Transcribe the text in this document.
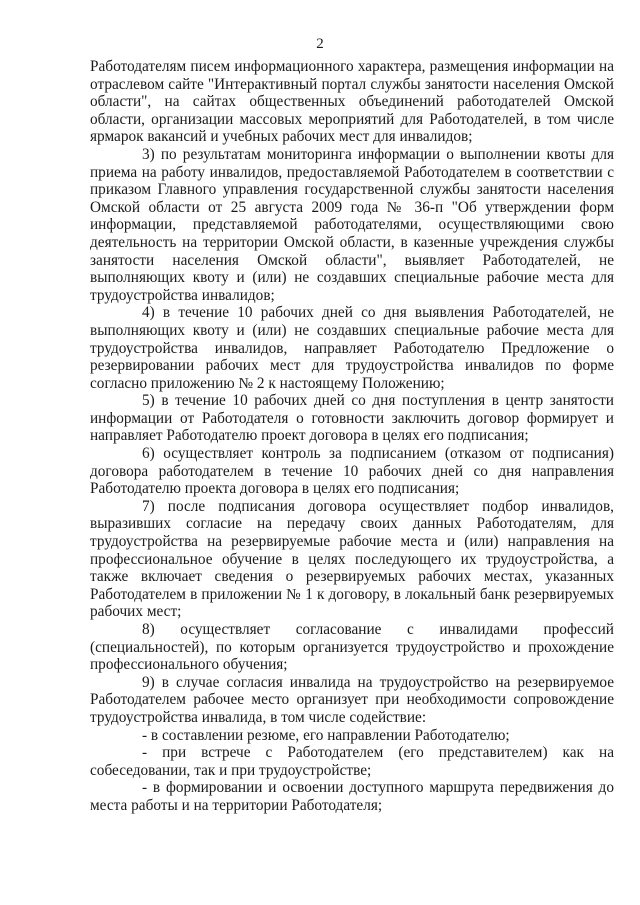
2

Работодателям писем информационного характера, размещения информации на отраслевом сайте "Интерактивный портал службы занятости населения Омской области", на сайтах общественных объединений работодателей Омской области, организации массовых мероприятий для Работодателей, в том числе ярмарок вакансий и учебных рабочих мест для инвалидов;

3) по результатам мониторинга информации о выполнении квоты для приема на работу инвалидов, предоставляемой Работодателем в соответствии с приказом Главного управления государственной службы занятости населения Омской области от 25 августа 2009 года № 36-п "Об утверждении форм информации, представляемой работодателями, осуществляющими свою деятельность на территории Омской области, в казенные учреждения службы занятости населения Омской области", выявляет Работодателей, не выполняющих квоту и (или) не создавших специальные рабочие места для трудоустройства инвалидов;

4) в течение 10 рабочих дней со дня выявления Работодателей, не выполняющих квоту и (или) не создавших специальные рабочие места для трудоустройства инвалидов, направляет Работодателю Предложение о резервировании рабочих мест для трудоустройства инвалидов по форме согласно приложению № 2 к настоящему Положению;

5) в течение 10 рабочих дней со дня поступления в центр занятости информации от Работодателя о готовности заключить договор формирует и направляет Работодателю проект договора в целях его подписания;

6) осуществляет контроль за подписанием (отказом от подписания) договора работодателем в течение 10 рабочих дней со дня направления Работодателю проекта договора в целях его подписания;

7) после подписания договора осуществляет подбор инвалидов, выразивших согласие на передачу своих данных Работодателям, для трудоустройства на резервируемые рабочие места и (или) направления на профессиональное обучение в целях последующего их трудоустройства, а также включает сведения о резервируемых рабочих местах, указанных Работодателем в приложении № 1 к договору, в локальный банк резервируемых рабочих мест;

8) осуществляет согласование с инвалидами профессий (специальностей), по которым организуется трудоустройство и прохождение профессионального обучения;

9) в случае согласия инвалида на трудоустройство на резервируемое Работодателем рабочее место организует при необходимости сопровождение трудоустройства инвалида, в том числе содействие:

- в составлении резюме, его направлении Работодателю;

- при встрече с Работодателем (его представителем) как на собеседовании, так и при трудоустройстве;

- в формировании и освоении доступного маршрута передвижения до места работы и на территории Работодателя;
